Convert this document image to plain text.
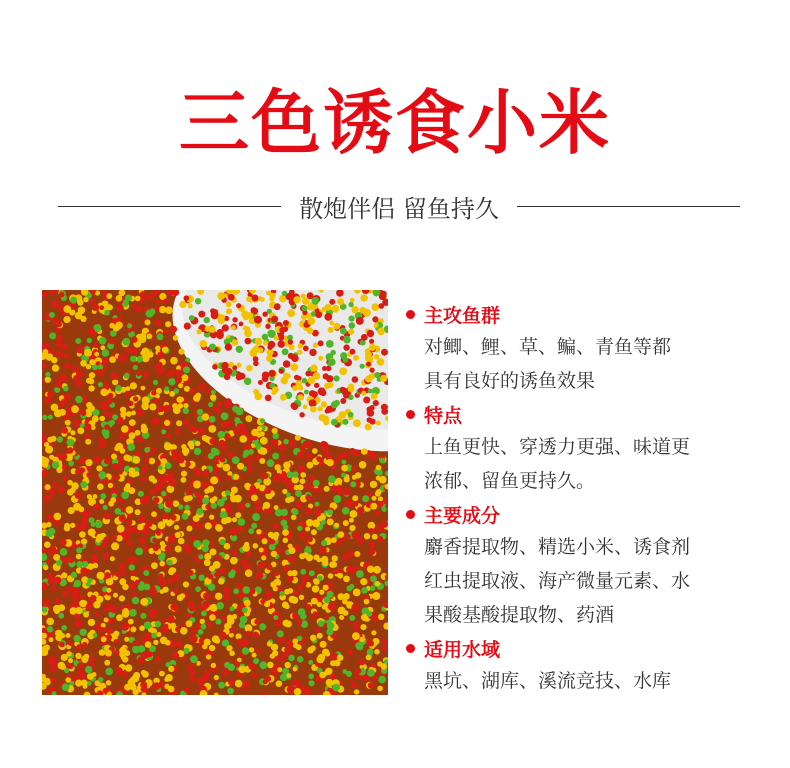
三色诱食小米
散炮伴侣 留鱼持久
主攻鱼群
对鲫、鲤、草、鳊、青鱼等都
具有良好的诱鱼效果
特点
上鱼更快、穿透力更强、味道更
浓郁、留鱼更持久。
主要成分
麝香提取物、精选小米、诱食剂
红虫提取液、海产微量元素、水
果酸基酸提取物、药酒
适用水域
黑坑、湖库、溪流竞技、水库
